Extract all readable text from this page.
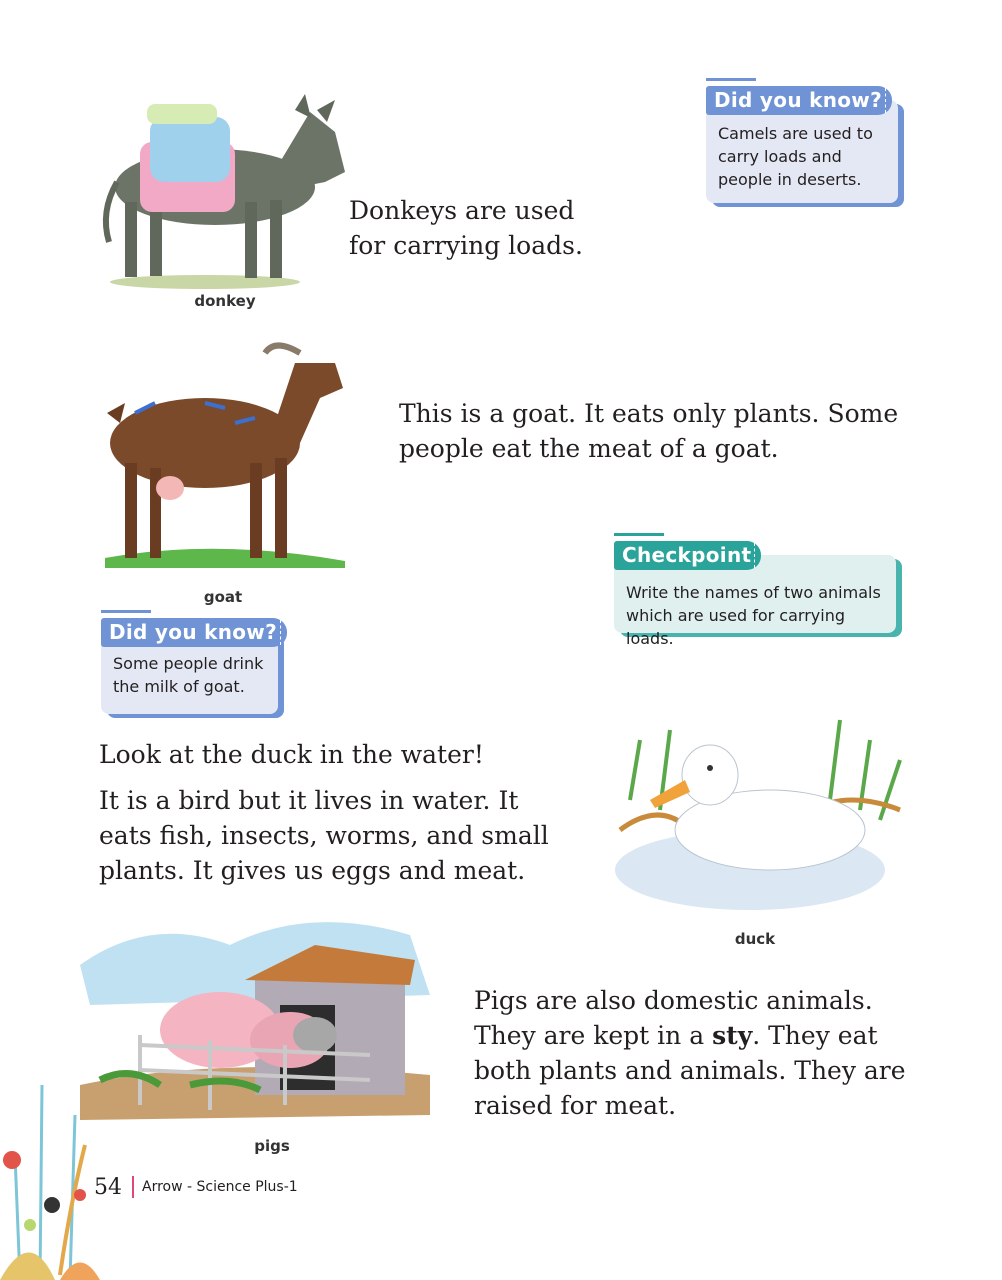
donkey
Donkeys are used for carrying loads.
Did you know?
Camels are used to carry loads and people in deserts.
goat
This is a goat. It eats only plants. Some people eat the meat of a goat.
Checkpoint
Write the names of two animals which are used for carrying loads.
Did you know?
Some people drink the milk of goat.
Look at the duck in the water!
It is a bird but it lives in water. It eats fish, insects, worms, and small plants. It gives us eggs and meat.
duck
pigs
Pigs are also domestic animals. They are kept in a sty. They eat both plants and animals. They are raised for meat.
54 Arrow - Science Plus-1
